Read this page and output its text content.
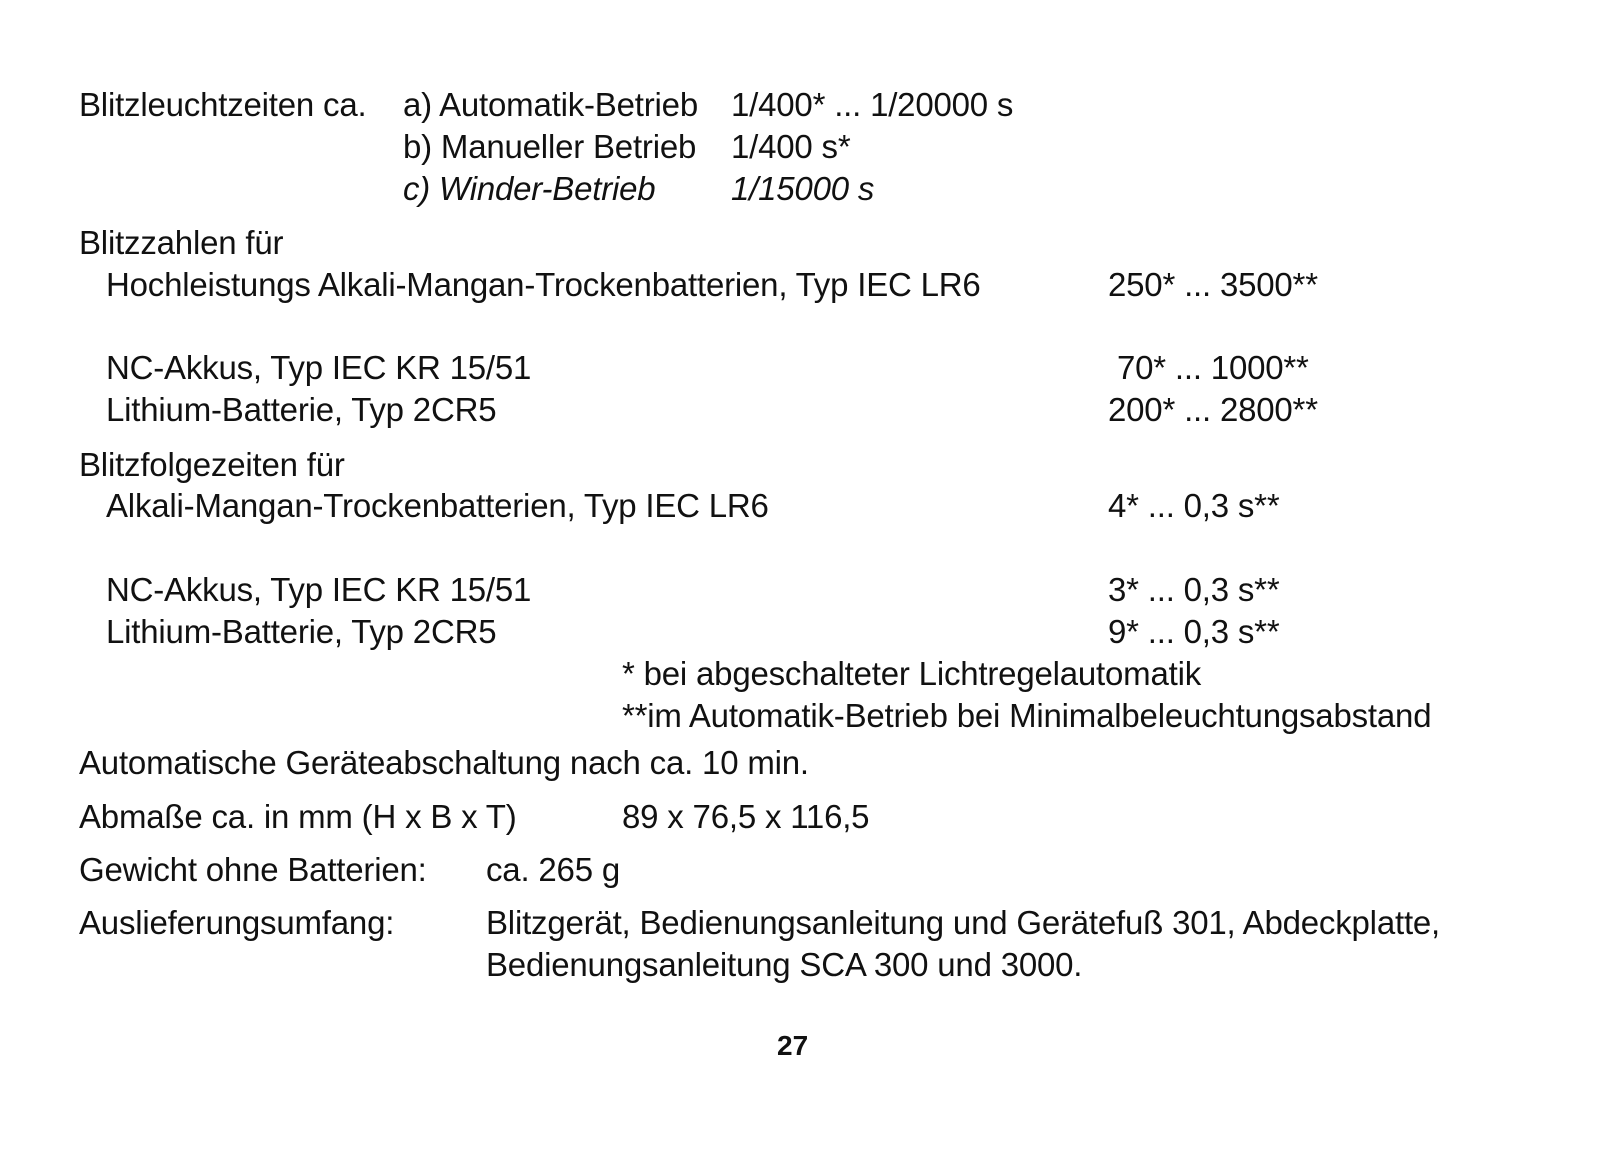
Blitzleuchtzeiten ca. a) Automatik-Betrieb 1/400* ... 1/20000 s
b) Manueller Betrieb 1/400 s*
c) Winder-Betrieb 1/15000 s
Blitzzahlen für
Hochleistungs Alkali-Mangan-Trockenbatterien, Typ IEC LR6	250* ... 3500**
NC-Akkus, Typ IEC KR 15/51	70* ... 1000**
Lithium-Batterie, Typ 2CR5	200* ... 2800**
Blitzfolgezeiten für
Alkali-Mangan-Trockenbatterien, Typ IEC LR6	4* ... 0,3 s**
NC-Akkus, Typ IEC KR 15/51	3* ... 0,3 s**
Lithium-Batterie, Typ 2CR5	9* ... 0,3 s**
* bei abgeschalteter Lichtregelautomatik
**im Automatik-Betrieb bei Minimalbeleuchtungsabstand
Automatische Geräteabschaltung nach ca. 10 min.
Abmaße ca. in mm (H x B x T)	89 x 76,5 x 116,5
Gewicht ohne Batterien: ca. 265 g
Auslieferungsumfang:	Blitzgerät, Bedienungsanleitung und Gerätefuß 301, Abdeckplatte,
Bedienungsanleitung SCA 300 und 3000.
27
